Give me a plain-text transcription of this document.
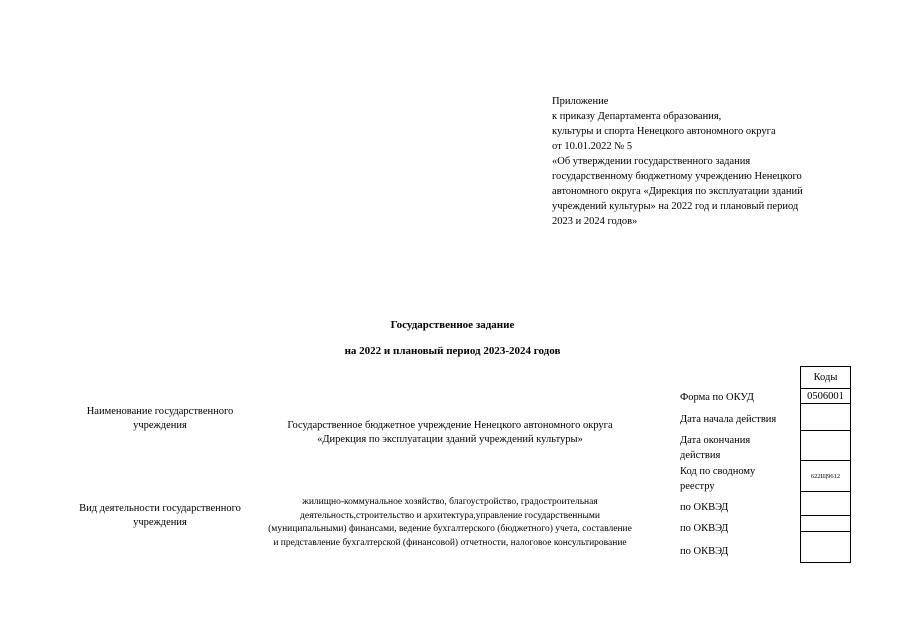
Приложение
к приказу Департамента образования,
культуры и спорта Ненецкого автономного округа
от 10.01.2022 № 5
«Об утверждении государственного задания
государственному бюджетному учреждению Ненецкого
автономного округа «Дирекция по эксплуатации зданий
учреждений культуры» на 2022 год и плановый период
2023 и 2024 годов»
Государственное задание
на 2022 и плановый период 2023-2024 годов
Наименование государственного учреждения	Государственное бюджетное учреждение Ненецкого автономного округа «Дирекция по эксплуатации зданий учреждений культуры»
Вид деятельности государственного учреждения
жилищно-коммунальное хозяйство, благоустройство, градостроительная деятельность,строительство и архитектура,управление государственными (муниципальными) финансами, ведение бухгалтерского (бюджетного) учета, составление и представление бухгалтерской (финансовой) отчетности, налоговое консультирование
Форма по ОКУД
Дата начала действия
Дата окончания действия
Код по сводному реестру
по ОКВЭД
по ОКВЭД
по ОКВЭД
Коды
0506001
622Щ9612
